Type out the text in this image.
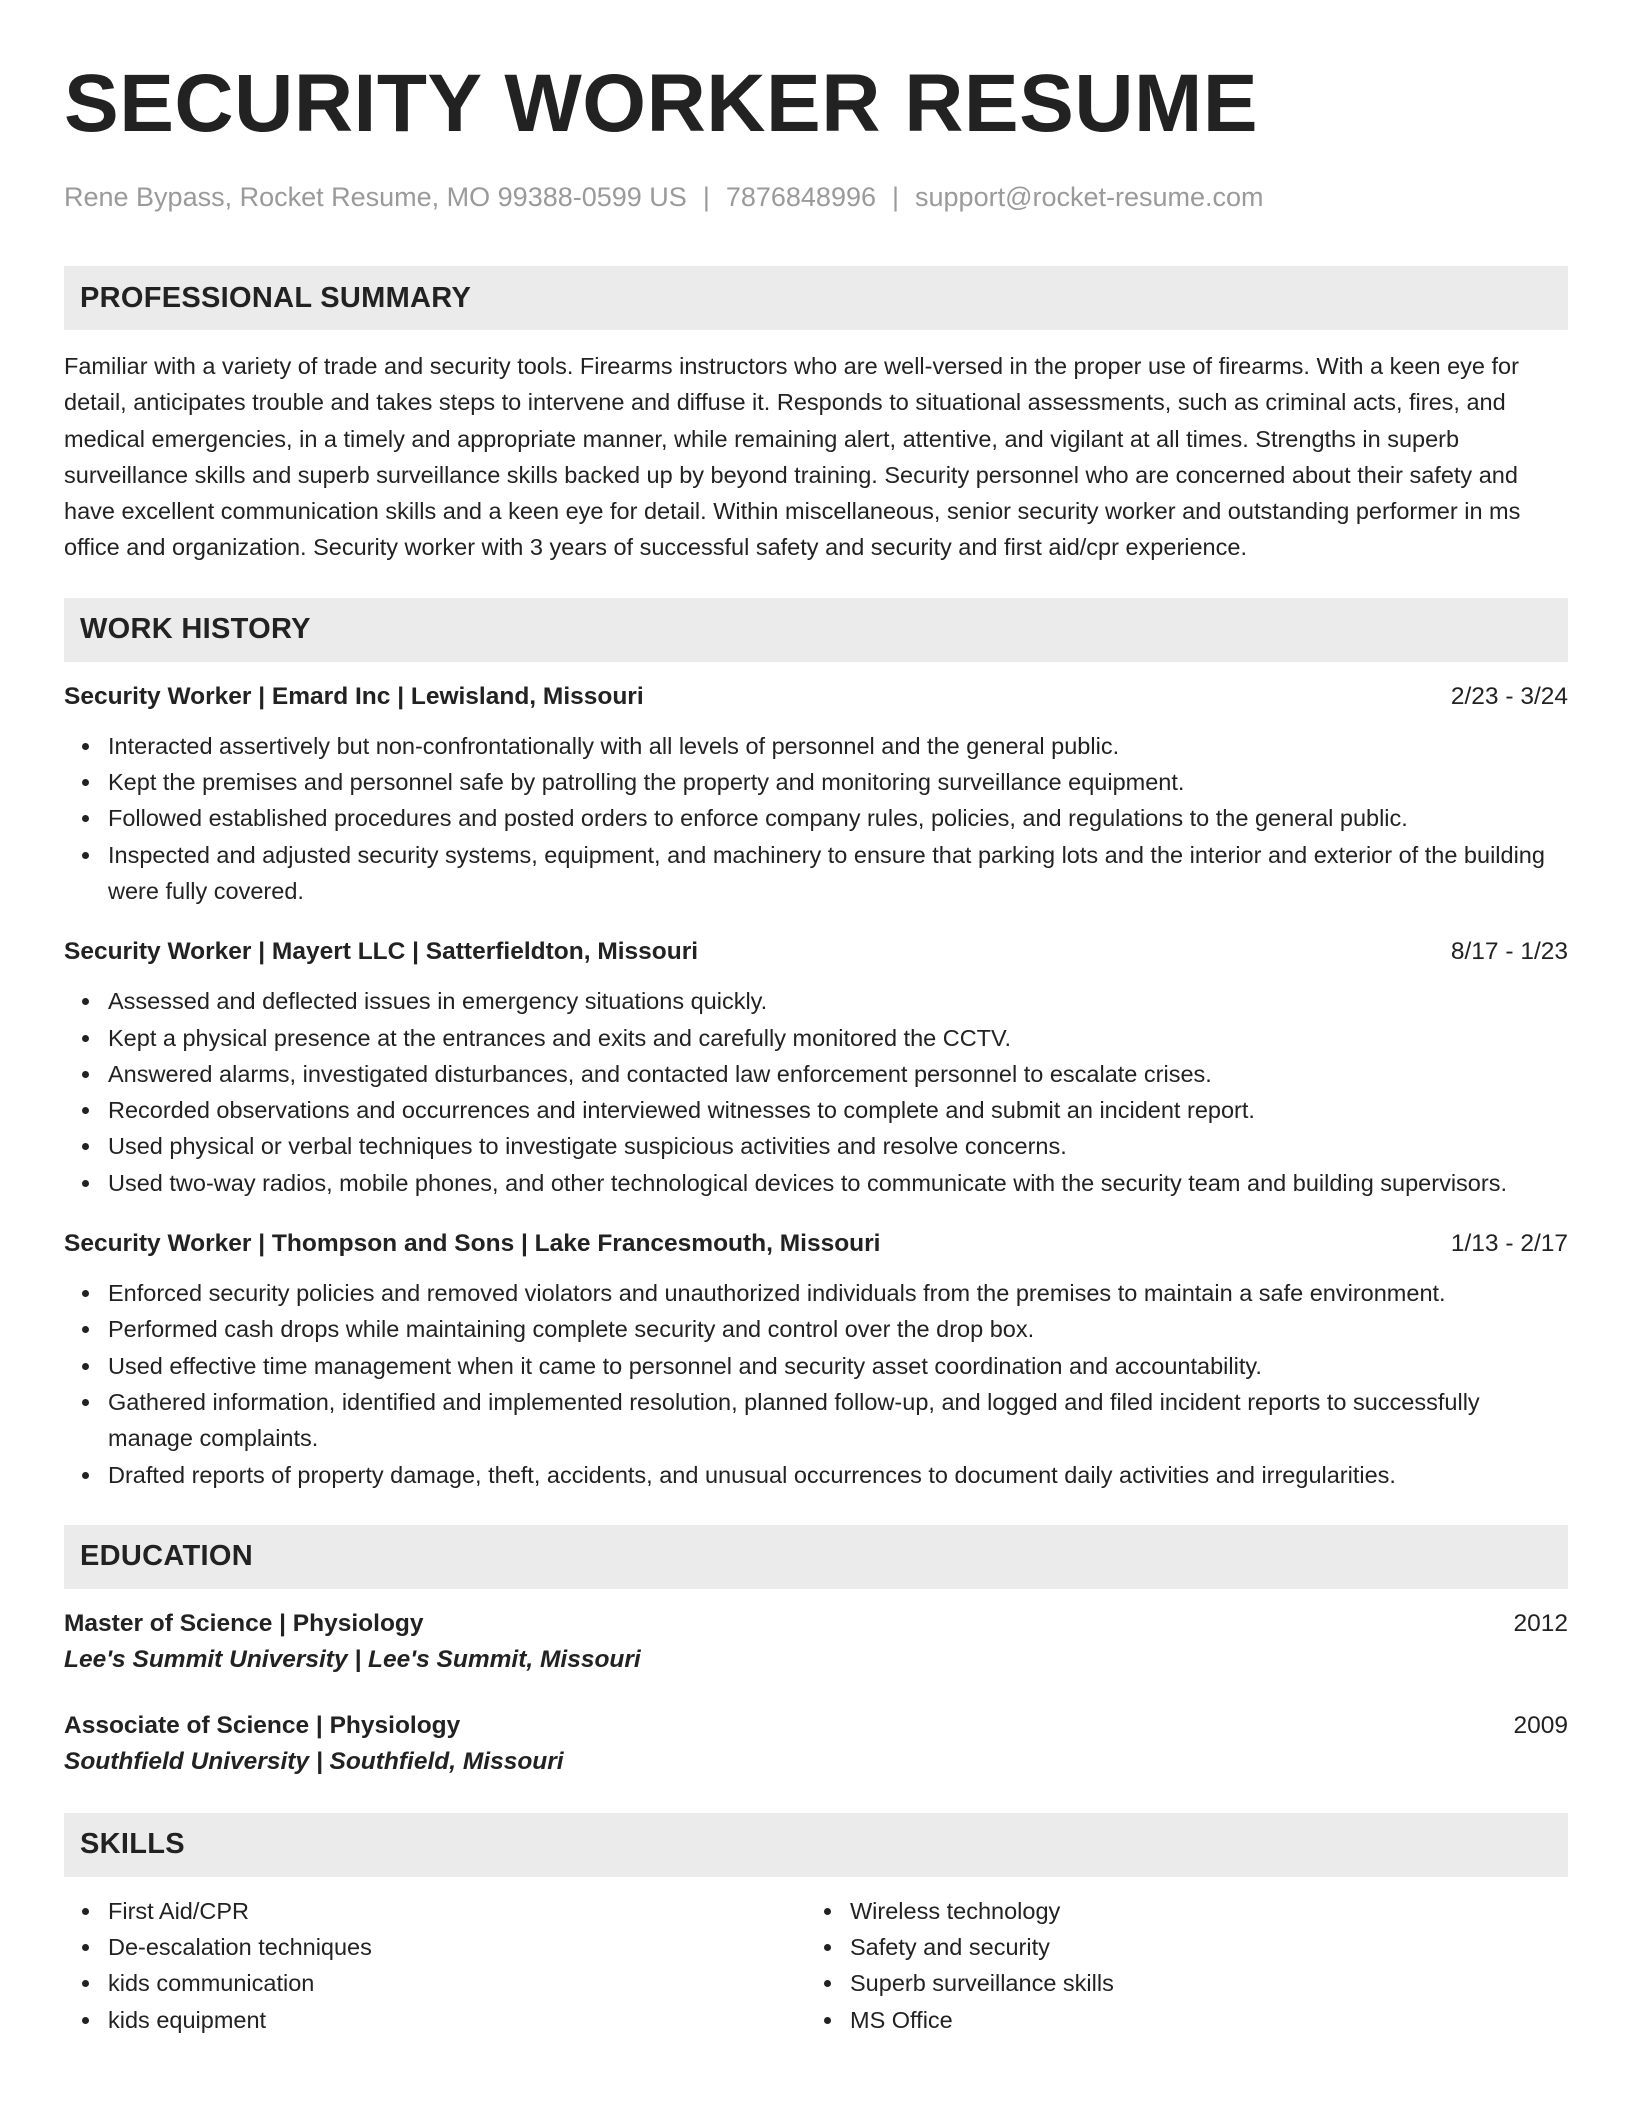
SECURITY WORKER RESUME
Rene Bypass, Rocket Resume, MO 99388-0599 US | 7876848996 | support@rocket-resume.com
PROFESSIONAL SUMMARY
Familiar with a variety of trade and security tools. Firearms instructors who are well-versed in the proper use of firearms. With a keen eye for detail, anticipates trouble and takes steps to intervene and diffuse it. Responds to situational assessments, such as criminal acts, fires, and medical emergencies, in a timely and appropriate manner, while remaining alert, attentive, and vigilant at all times. Strengths in superb surveillance skills and superb surveillance skills backed up by beyond training. Security personnel who are concerned about their safety and have excellent communication skills and a keen eye for detail. Within miscellaneous, senior security worker and outstanding performer in ms office and organization. Security worker with 3 years of successful safety and security and first aid/cpr experience.
WORK HISTORY
Security Worker | Emard Inc | Lewisland, Missouri	2/23 - 3/24
Interacted assertively but non-confrontationally with all levels of personnel and the general public.
Kept the premises and personnel safe by patrolling the property and monitoring surveillance equipment.
Followed established procedures and posted orders to enforce company rules, policies, and regulations to the general public.
Inspected and adjusted security systems, equipment, and machinery to ensure that parking lots and the interior and exterior of the building were fully covered.
Security Worker | Mayert LLC | Satterfieldton, Missouri	8/17 - 1/23
Assessed and deflected issues in emergency situations quickly.
Kept a physical presence at the entrances and exits and carefully monitored the CCTV.
Answered alarms, investigated disturbances, and contacted law enforcement personnel to escalate crises.
Recorded observations and occurrences and interviewed witnesses to complete and submit an incident report.
Used physical or verbal techniques to investigate suspicious activities and resolve concerns.
Used two-way radios, mobile phones, and other technological devices to communicate with the security team and building supervisors.
Security Worker | Thompson and Sons | Lake Francesmouth, Missouri	1/13 - 2/17
Enforced security policies and removed violators and unauthorized individuals from the premises to maintain a safe environment.
Performed cash drops while maintaining complete security and control over the drop box.
Used effective time management when it came to personnel and security asset coordination and accountability.
Gathered information, identified and implemented resolution, planned follow-up, and logged and filed incident reports to successfully manage complaints.
Drafted reports of property damage, theft, accidents, and unusual occurrences to document daily activities and irregularities.
EDUCATION
Master of Science | Physiology	2012
Lee's Summit University | Lee's Summit, Missouri
Associate of Science | Physiology	2009
Southfield University | Southfield, Missouri
SKILLS
First Aid/CPR
De-escalation techniques
kids communication
kids equipment
Wireless technology
Safety and security
Superb surveillance skills
MS Office
